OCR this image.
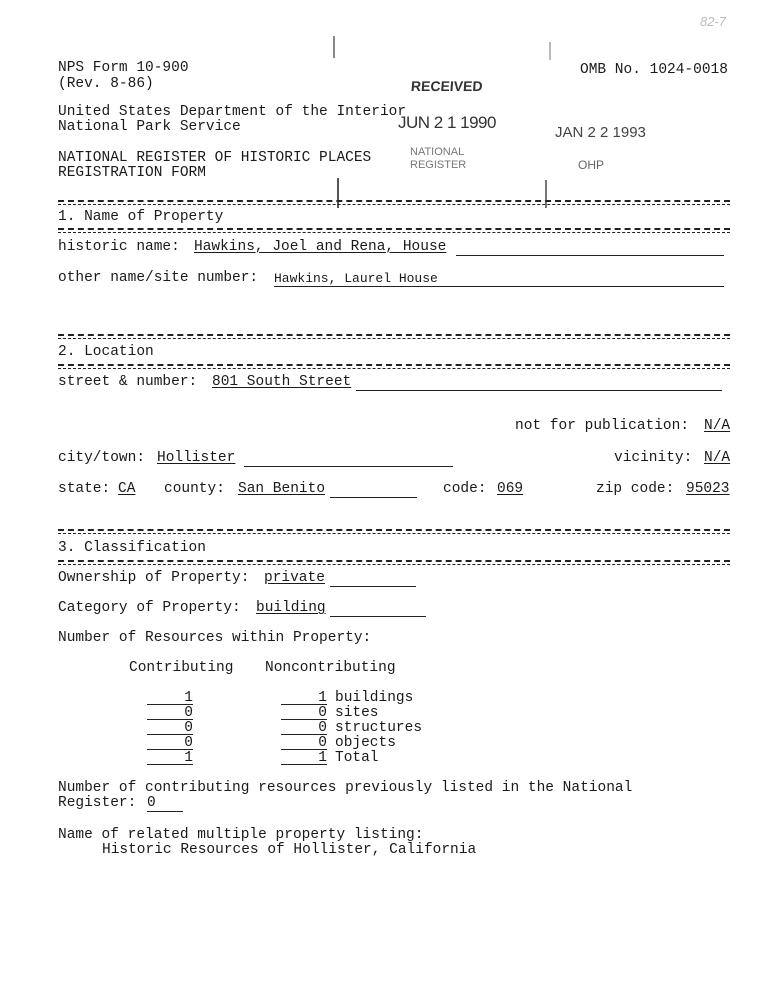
NPS Form 10-900
(Rev. 8-86)
OMB No. 1024-0018
United States Department of the Interior
National Park Service
NATIONAL REGISTER OF HISTORIC PLACES
REGISTRATION FORM
RECEIVED
JUN 2 1 1990
NATIONAL
REGISTER
JAN 2 2 1993
OHP
82-7
1. Name of Property
historic name: Hawkins, Joel and Rena, House
other name/site number: Hawkins, Laurel House
2. Location
street & number: 801 South Street
not for publication: N/A
city/town: Hollister	vicinity: N/A
state: CA county: San Benito	code: 069	zip code: 95023
3. Classification
Ownership of Property: private
Category of Property: building
Number of Resources within Property:
Contributing Noncontributing
1	1 buildings
0	0 sites
0	0 structures
0	0 objects
1	1 Total
Number of contributing resources previously listed in the National
Register: 0
Name of related multiple property listing:
Historic Resources of Hollister, California
